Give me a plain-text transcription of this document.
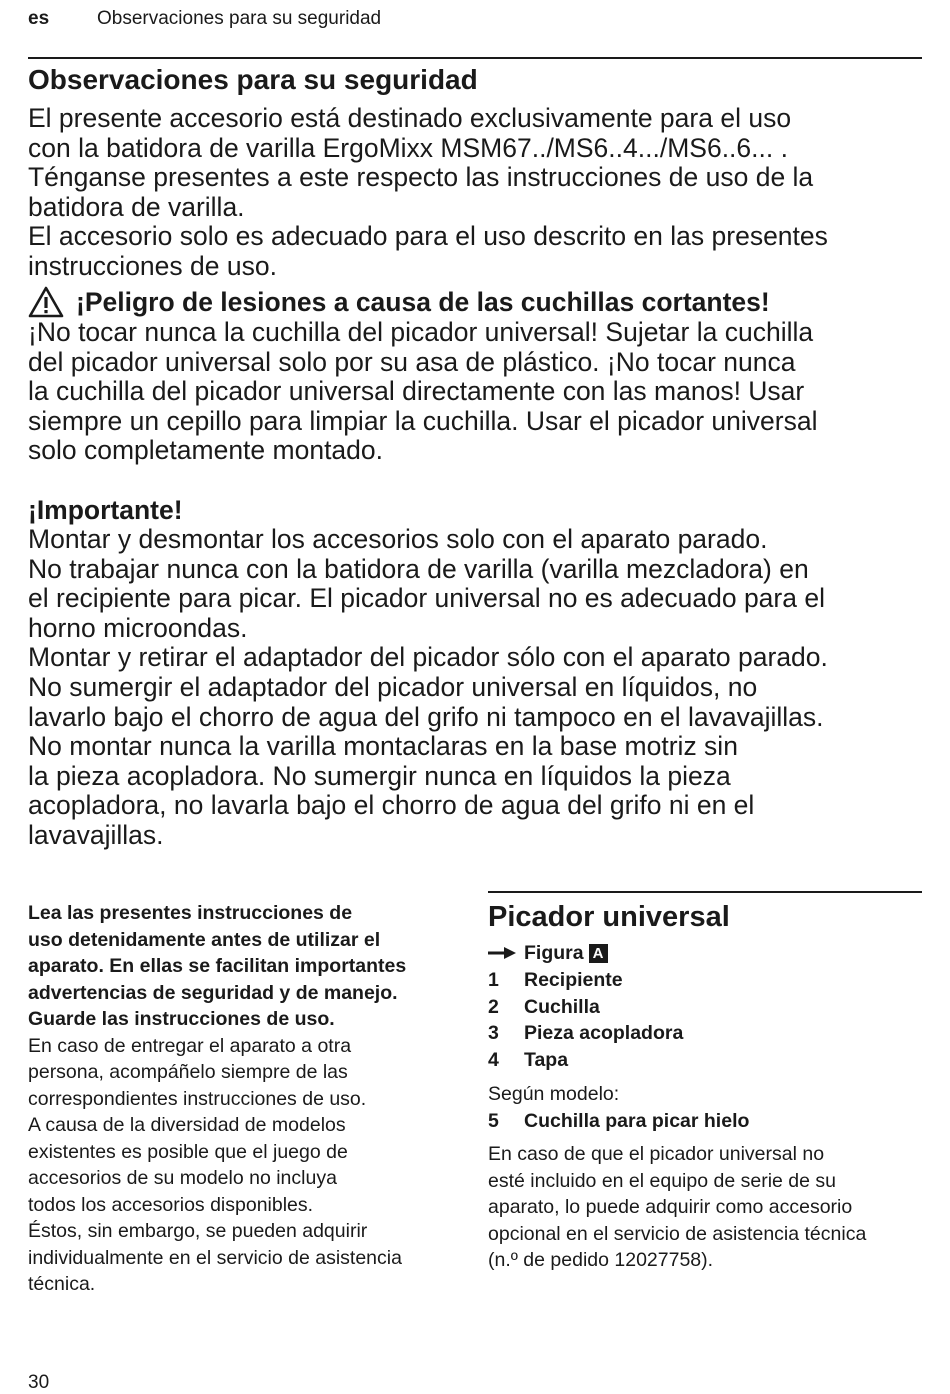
es	Observaciones para su seguridad
Observaciones para su seguridad
El presente accesorio está destinado exclusivamente para el uso
con la batidora de varilla ErgoMixx MSM67../MS6..4.../MS6..6... .
Ténganse presentes a este respecto las instrucciones de uso de la
batidora de varilla.
El accesorio solo es adecuado para el uso descrito en las presentes
instrucciones de uso.
¡Peligro de lesiones a causa de las cuchillas cortantes!
¡No tocar nunca la cuchilla del picador universal! Sujetar la cuchilla
del picador universal solo por su asa de plástico. ¡No tocar nunca
la cuchilla del picador universal directamente con las manos! Usar
siempre un cepillo para limpiar la cuchilla. Usar el picador universal
solo completamente montado.
¡Importante!
Montar y desmontar los accesorios solo con el aparato parado.
No trabajar nunca con la batidora de varilla (varilla mezcladora) en
el recipiente para picar. El picador universal no es adecuado para el
horno microondas.
Montar y retirar el adaptador del picador sólo con el aparato parado.
No sumergir el adaptador del picador universal en líquidos, no
lavarlo bajo el chorro de agua del grifo ni tampoco en el lavavajillas.
No montar nunca la varilla montaclaras en la base motriz sin
la pieza acopladora. No sumergir nunca en líquidos la pieza
acopladora, no lavarla bajo el chorro de agua del grifo ni en el
lavavajillas.
Lea las presentes instrucciones de
uso detenidamente antes de utilizar el
aparato. En ellas se facilitan importantes
advertencias de seguridad y de manejo.
Guarde las instrucciones de uso.
En caso de entregar el aparato a otra
persona, acompáñelo siempre de las
correspondientes instrucciones de uso.
A causa de la diversidad de modelos
existentes es posible que el juego de
accesorios de su modelo no incluya
todos los accesorios disponibles.
Éstos, sin embargo, se pueden adquirir
individualmente en el servicio de asistencia
técnica.
Picador universal
Figura A
1	Recipiente
2	Cuchilla
3	Pieza acopladora
4	Tapa

Según modelo:

5 Cuchilla para picar hielo

En caso de que el picador universal no
esté incluido en el equipo de serie de su
aparato, lo puede adquirir como accesorio
opcional en el servicio de asistencia técnica
(n.º de pedido 12027758).
30
